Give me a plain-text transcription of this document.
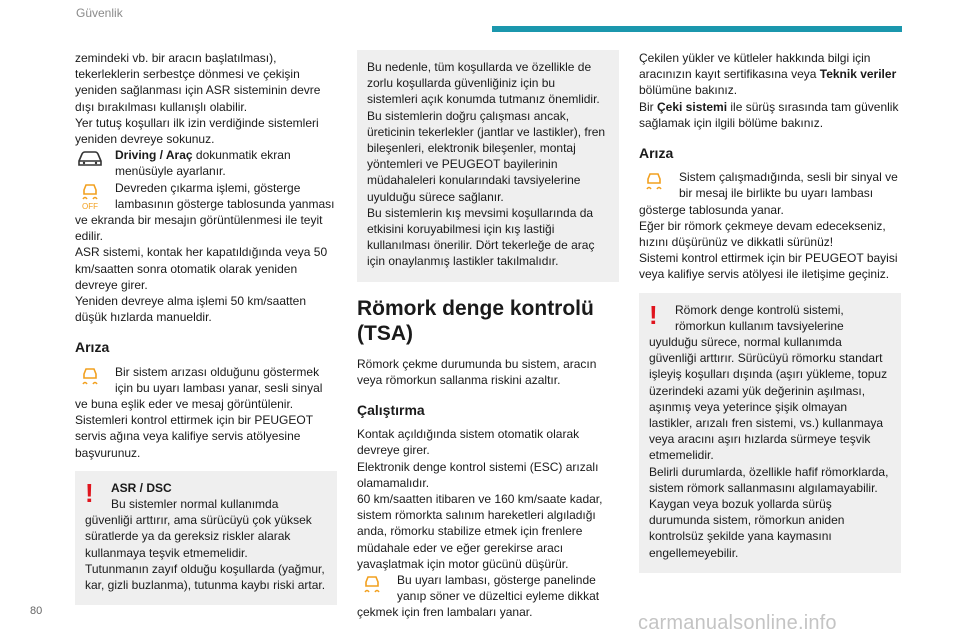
Güvenlik

zemindeki vb. bir aracın başlatılması), tekerleklerin serbestçe dönmesi ve çekişin yeniden sağlanması için ASR sisteminin devre dışı bırakılması kullanışlı olabilir.

Yer tutuş koşulları ilk izin verdiğinde sistemleri yeniden devreye sokunuz.

Driving / Araç dokunmatik ekran menüsüyle ayarlanır.

OFF

Devreden çıkarma işlemi, gösterge lambasının gösterge tablosunda yanması ve ekranda bir mesajın görüntülenmesi ile teyit edilir.

ASR sistemi, kontak her kapatıldığında veya 50 km/saatten sonra otomatik olarak yeniden devreye girer.

Yeniden devreye alma işlemi 50 km/saatten düşük hızlarda manueldir.

Arıza

Bir sistem arızası olduğunu göstermek için bu uyarı lambası yanar, sesli sinyal ve buna eşlik eder ve mesaj görüntülenir.

Sistemleri kontrol ettirmek için bir PEUGEOT servis ağına veya kalifiye servis atölyesine başvurunuz.

!	ASR / DSC
Bu sistemler normal kullanımda güvenliği arttırır, ama sürücüyü çok yüksek süratlerde ya da gereksiz riskler alarak kullanmaya teşvik etmemelidir.

Tutunmanın zayıf olduğu koşullarda (yağmur, kar, gizli buzlanma), tutunma kaybı riski artar.

Bu nedenle, tüm koşullarda ve özellikle de zorlu koşullarda güvenliğiniz için bu sistemleri açık konumda tutmanız önemlidir.

Bu sistemlerin doğru çalışması ancak, üreticinin tekerlekler (jantlar ve lastikler), fren bileşenleri, elektronik bileşenler, montaj yöntemleri ve PEUGEOT bayilerinin müdahaleleri konularındaki tavsiyelerine uyulduğu sürece sağlanır.

Bu sistemlerin kış mevsimi koşullarında da etkisini koruyabilmesi için kış lastiği kullanılması önerilir. Dört tekerleğe de araç için onaylanmış lastikler takılmalıdır.

Römork denge kontrolü (TSA)

Römork çekme durumunda bu sistem, aracın veya römorkun sallanma riskini azaltır.

Çalıştırma

Kontak açıldığında sistem otomatik olarak devreye girer.

Elektronik denge kontrol sistemi (ESC) arızalı olamamalıdır.

60 km/saatten itibaren ve 160 km/saate kadar, sistem römorkta salınım hareketleri algıladığı anda, römorku stabilize etmek için frenlere müdahale eder ve eğer gerekirse aracı yavaşlatmak için motor gücünü düşürür.

Bu uyarı lambası, gösterge panelinde yanıp söner ve düzeltici eyleme dikkat çekmek için fren lambaları yanar.

Çekilen yükler ve kütleler hakkında bilgi için aracınızın kayıt sertifikasına veya Teknik veriler bölümüne bakınız.

Bir Çeki sistemi ile sürüş sırasında tam güvenlik sağlamak için ilgili bölüme bakınız.

Arıza

Sistem çalışmadığında, sesli bir sinyal ve bir mesaj ile birlikte bu uyarı lambası gösterge tablosunda yanar.

Eğer bir römork çekmeye devam edecekseniz, hızını düşürünüz ve dikkatli sürünüz!

Sistemi kontrol ettirmek için bir PEUGEOT bayisi veya kalifiye servis atölyesi ile iletişime geçiniz.

!	Römork denge kontrolü sistemi, römorkun kullanım tavsiyelerine uyulduğu sürece, normal kullanımda güvenliği arttırır. Sürücüyü römorku standart işleyiş koşulları dışında (aşırı yükleme, topuz üzerindeki azami yük değerinin aşılması, aşınmış veya yeterince şişik olmayan lastikler, arızalı fren sistemi, vs.) kullanmaya veya aracını aşırı hızlarda sürmeye teşvik etmemelidir.

Belirli durumlarda, özellikle hafif römorklarda, sistem römork sallanmasını algılamayabilir.

Kaygan veya bozuk yollarda sürüş durumunda sistem, römorkun aniden kontrolsüz şekilde yana kaymasını engellemeyebilir.

80
carmanualsonline.info
